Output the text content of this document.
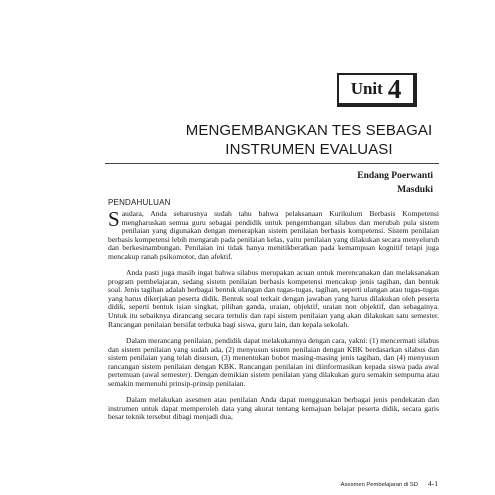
Unit 4
MENGEMBANGKAN TES SEBAGAI
INSTRUMEN EVALUASI
Endang Poerwanti
Masduki
PENDAHULUAN
Saudara, Anda seharusnya sudah tahu bahwa pelaksanaan Kurikulum Berbasis Kompetensi mengharuskan semua guru sebagai pendidik untuk pengembangan silabus dan merubah pula sistem penilaian yang digunakan dengan menerapkan sistem penilaian berbasis kompetensi. Sistem penilaian berbasis kompetensi lebih mengarah pada penilaian kelas, yaitu penilaian yang dilakukan secara menyeluruh dan berkesinambungan. Penilaian ini tidak hanya menitikberatkan pada kemampuan kognitif tetapi juga mencakup ranah psikomotor, dan afektif.
Anda pasti juga masih ingat bahwa silabus merupakan acuan untuk merencanakan dan melaksanakan program pembelajaran, sedang sistem penilaian berbasis kompetensi mencakup jenis tagihan, dan bentuk soal. Jenis tagihan adalah berbagai bentuk ulangan dan tugas-tugas, tagihan, seperti ulangan atau tugas-tugas yang harus dikerjakan peserta didik. Bentuk soal terkait dengan jawaban yang harus dilakukan oleh peserta didik, seperti bentuk isian singkat, pilihan ganda, uraian, objektif, uraian non objektif, dan sebagainya. Untuk itu sebaiknya dirancang secara tertulis dan rapi sistem penilaian yang akan dilakukan satu semester. Rancangan penilaian bersifat terbuka bagi siswa, guru lain, dan kepala sekolah.
Dalam merancang penilaian, pendidik dapat melakukannya dengan cara, yakni: (1) mencermati silabus dan sistem penilaian yang sudah ada, (2) menyusun sistem penilaian dengan KBK berdasarkan silabus dan sistem penilaian yang telah disusun, (3) menentukan bobot masing-masing jenis tagihan, dan (4) menyusun rancangan sistem penilaian dengan KBK. Rancangan penilaian ini diinformasikan kepada siswa pada awal pertemuan (awal semester). Dengan demikian sistem penilaian yang dilakukan guru semakin sempurna atau semakin memenuhi prinsip-prinsip penilaian.
Dalam melakukan asesmen atau penilaian Anda dapat menggunakan berbagai jenis pendekatan dan instrumen untuk dapat memperoleh data yang akurat tentang kemajuan belajar peserta didik, secara garis besar teknik tersebut dibagi menjadi dua,
Asesmen Pembelajaran di SD 4-1
